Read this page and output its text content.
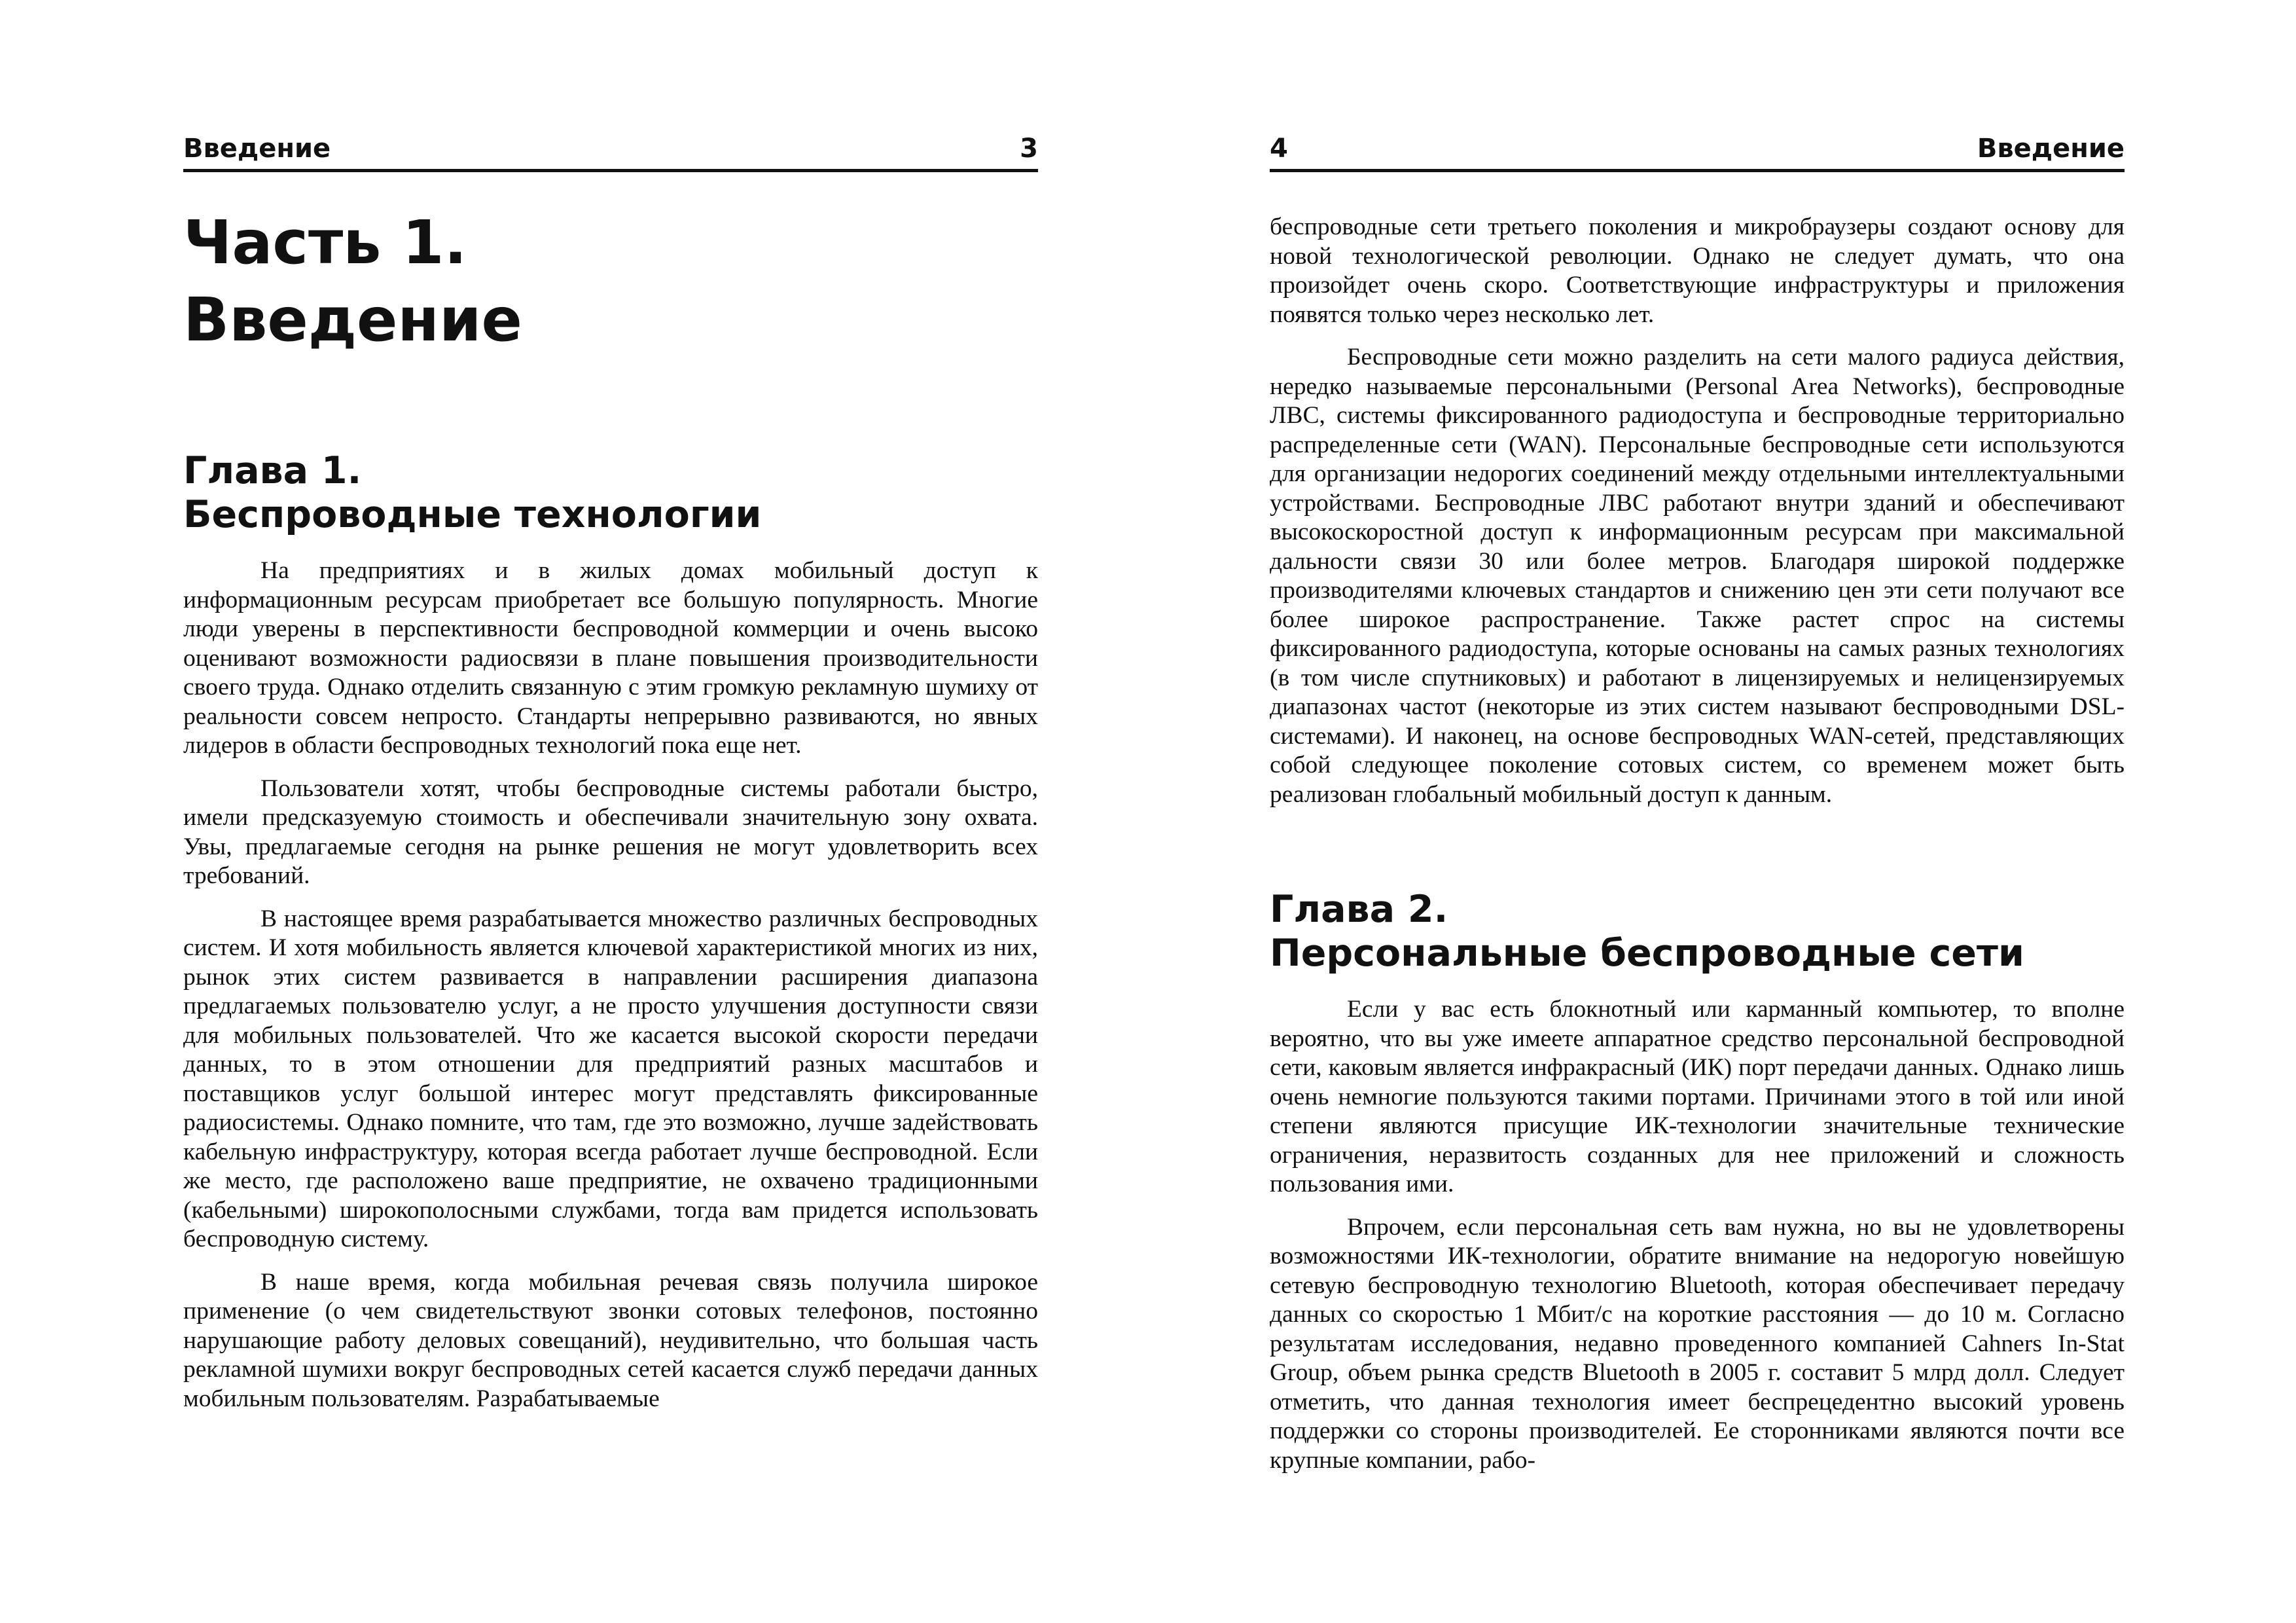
Введение	3
Часть 1.
Введение
Глава 1.
Беспроводные технологии

На предприятиях и в жилых домах мобильный доступ к информационным ресурсам приобретает все большую популярность. Многие люди уверены в перспективности беспроводной коммерции и очень высоко оценивают возможности радиосвязи в плане повышения производительности своего труда. Однако отделить связанную с этим громкую рекламную шумиху от реальности совсем непросто. Стандарты непрерывно развиваются, но явных лидеров в области беспроводных технологий пока еще нет.

Пользователи хотят, чтобы беспроводные системы работали быстро, имели предсказуемую стоимость и обеспечивали значительную зону охвата. Увы, предлагаемые сегодня на рынке решения не могут удовлетворить всех требований.

В настоящее время разрабатывается множество различных беспроводных систем. И хотя мобильность является ключевой характеристикой многих из них, рынок этих систем развивается в направлении расширения диапазона предлагаемых пользователю услуг, а не просто улучшения доступности связи для мобильных пользователей. Что же касается высокой скорости передачи данных, то в этом отношении для предприятий разных масштабов и поставщиков услуг большой интерес могут представлять фиксированные радиосистемы. Однако помните, что там, где это возможно, лучше задействовать кабельную инфраструктуру, которая всегда работает лучше беспроводной. Если же место, где расположено ваше предприятие, не охвачено традиционными (кабельными) широкополосными службами, тогда вам придется использовать беспроводную систему.

В наше время, когда мобильная речевая связь получила широкое применение (о чем свидетельствуют звонки сотовых телефонов, постоянно нарушающие работу деловых совещаний), неудивительно, что большая часть рекламной шумихи вокруг беспроводных сетей касается служб передачи данных мобильным пользователям. Разрабатываемые

4	Введение

беспроводные сети третьего поколения и микробраузеры создают основу для новой технологической революции. Однако не следует думать, что она произойдет очень скоро. Соответствующие инфраструктуры и приложения появятся только через несколько лет.

Беспроводные сети можно разделить на сети малого радиуса действия, нередко называемые персональными (Personal Area Networks), беспроводные ЛВС, системы фиксированного радиодоступа и беспроводные территориально распределенные сети (WAN). Персональные беспроводные сети используются для организации недорогих соединений между отдельными интеллектуальными устройствами. Беспроводные ЛВС работают внутри зданий и обеспечивают высокоскоростной доступ к информационным ресурсам при максимальной дальности связи 30 или более метров. Благодаря широкой поддержке производителями ключевых стандартов и снижению цен эти сети получают все более широкое распространение. Также растет спрос на системы фиксированного радиодоступа, которые основаны на самых разных технологиях (в том числе спутниковых) и работают в лицензируемых и нелицензируемых диапазонах частот (некоторые из этих систем называют беспроводными DSL-системами). И наконец, на основе беспроводных WAN-сетей, представляющих собой следующее поколение сотовых систем, со временем может быть реализован глобальный мобильный доступ к данным.

Глава 2.
Персональные беспроводные сети

Если у вас есть блокнотный или карманный компьютер, то вполне вероятно, что вы уже имеете аппаратное средство персональной беспроводной сети, каковым является инфракрасный (ИК) порт передачи данных. Однако лишь очень немногие пользуются такими портами. Причинами этого в той или иной степени являются присущие ИК-технологии значительные технические ограничения, неразвитость созданных для нее приложений и сложность пользования ими.

Впрочем, если персональная сеть вам нужна, но вы не удовлетворены возможностями ИК-технологии, обратите внимание на недорогую новейшую сетевую беспроводную технологию Bluetooth, которая обеспечивает передачу данных со скоростью 1 Мбит/с на короткие расстояния — до 10 м. Согласно результатам исследования, недавно проведенного компанией Cahners In-Stat Group, объем рынка средств Bluetooth в 2005 г. составит 5 млрд долл. Следует отметить, что данная технология имеет беспрецедентно высокий уровень поддержки со стороны производителей. Ее сторонниками являются почти все крупные компании, рабо-
